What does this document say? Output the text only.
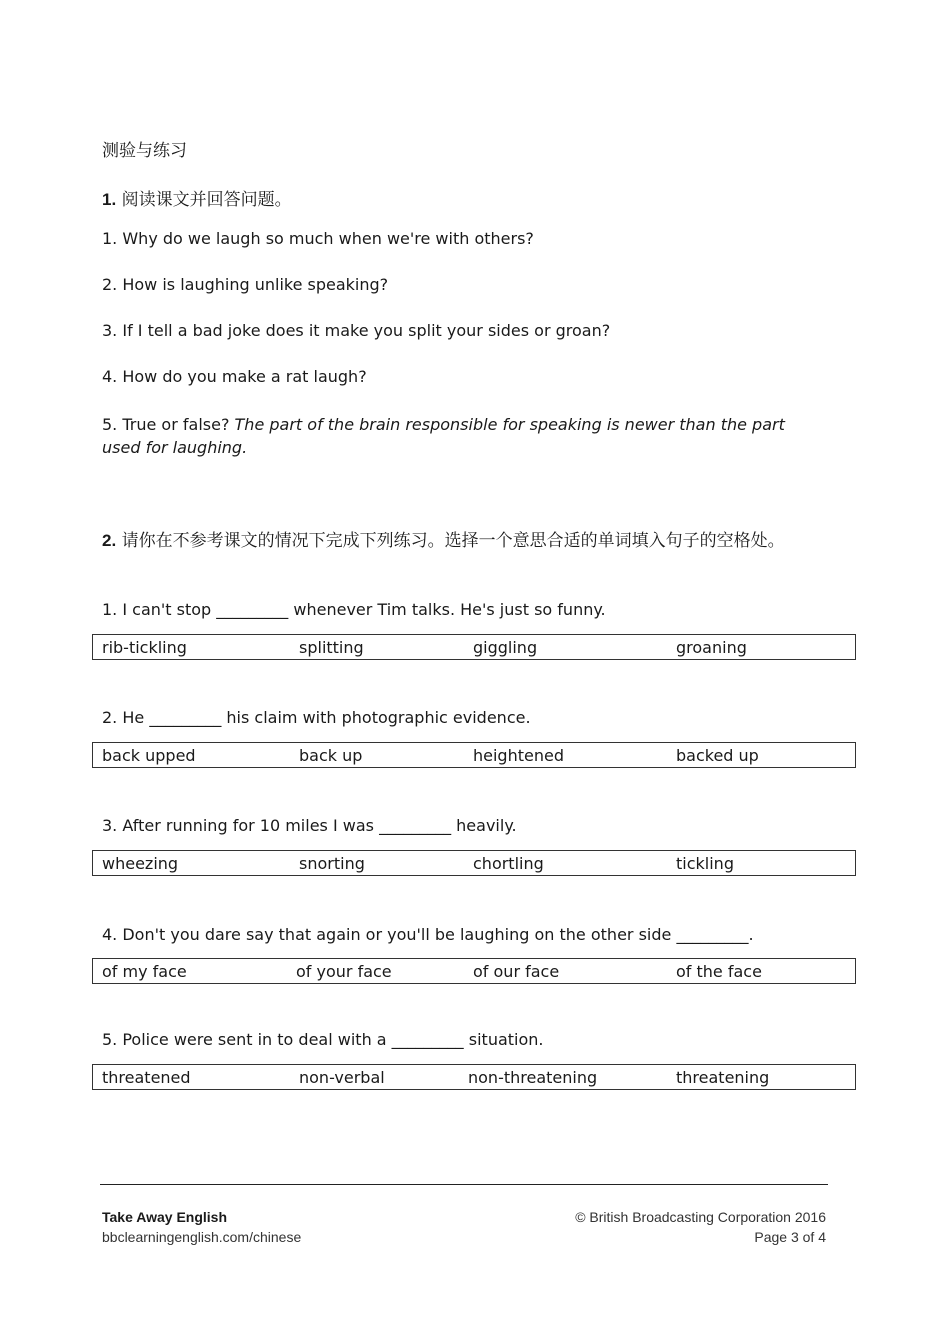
测验与练习
1. 阅读课文并回答问题。
1. Why do we laugh so much when we're with others?
2. How is laughing unlike speaking?
3. If I tell a bad joke does it make you split your sides or groan?
4. How do you make a rat laugh?
5. True or false? The part of the brain responsible for speaking is newer than the part used for laughing.
2. 请你在不参考课文的情况下完成下列练习。选择一个意思合适的单词填入句子的空格处。
1. I can't stop _________ whenever Tim talks. He's just so funny.
rib-tickling	splitting	giggling	groaning
2. He _________ his claim with photographic evidence.
back upped	back up	heightened	backed up
3. After running for 10 miles I was _________ heavily.
wheezing	snorting	chortling	tickling
4. Don't you dare say that again or you'll be laughing on the other side _________.
of my face	of your face	of our face	of the face
5. Police were sent in to deal with a _________ situation.
threatened	non-verbal	non-threatening	threatening
Take Away English
bbclearningenglish.com/chinese
© British Broadcasting Corporation 2016
Page 3 of 4
